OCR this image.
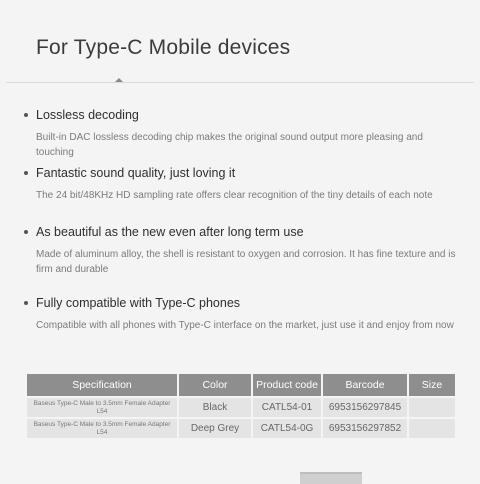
For Type-C Mobile devices
Lossless decoding
Built-in DAC lossless decoding chip makes the original sound output more pleasing and touching
Fantastic sound quality, just loving it
The 24 bit/48KHz HD sampling rate offers clear recognition of the tiny details of each note
As beautiful as the new even after long term use
Made of aluminum alloy, the shell is resistant to oxygen and corrosion. It has fine texture and is firm and durable
Fully compatible with Type-C phones
Compatible with all phones with Type-C interface on the market, just use it and enjoy from now
Specification	Color	Product code	Barcode	Size
Baseus Type-C Male to 3.5mm Female Adapter L54	Black	CATL54-01	6953156297845	
Baseus Type-C Male to 3.5mm Female Adapter L54	Deep Grey	CATL54-0G	6953156297852	
